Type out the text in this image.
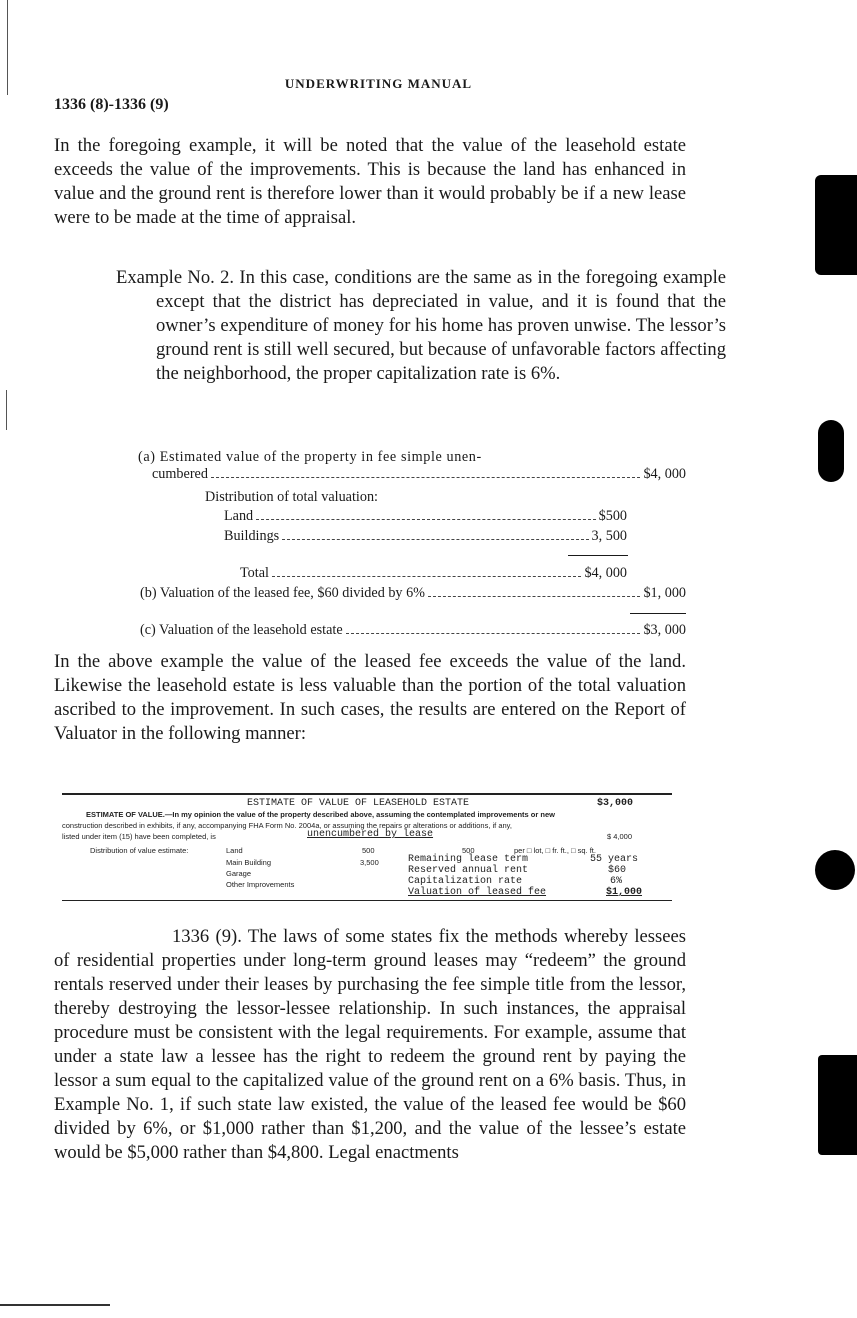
UNDERWRITING MANUAL
1336 (8)-1336 (9)
In the foregoing example, it will be noted that the value of the leasehold estate exceeds the value of the improvements. This is because the land has enhanced in value and the ground rent is therefore lower than it would probably be if a new lease were to be made at the time of appraisal.
Example No. 2. In this case, conditions are the same as in the foregoing example except that the district has depreciated in value, and it is found that the owner’s expenditure of money for his home has proven unwise. The lessor’s ground rent is still well secured, but because of unfavorable factors affecting the neighborhood, the proper capitalization rate is 6%.
(a) Estimated value of the property in fee simple unen-
cumbered	$4, 000
Distribution of total valuation:
Land	$500
Buildings	3, 500
Total	$4, 000
(b) Valuation of the leased fee, $60 divided by 6%	$1, 000
(c) Valuation of the leasehold estate	$3, 000
In the above example the value of the leased fee exceeds the value of the land. Likewise the leasehold estate is less valuable than the portion of the total valuation ascribed to the improvement. In such cases, the results are entered on the Report of Valuator in the following manner:
ESTIMATE OF VALUE OF LEASEHOLD ESTATE	$3,000
ESTIMATE OF VALUE.—In my opinion the value of the property described above, assuming the contemplated improvements or new
construction described in exhibits, if any, accompanying FHA Form No. 2004a, or assuming the repairs or alterations or additions, if any,
listed under item (15) have been completed, is	unencumbered by lease	$ 4,000
Distribution of value estimate:	Land	500	500	per □ lot, □ fr. ft., □ sq. ft.
Main Building	3,500
Garage
Other Improvements
Remaining lease term	55 years
Reserved annual rent	$60
Capitalization rate	6%
Valuation of leased fee	$1,000
1336 (9). The laws of some states fix the methods whereby lessees of residential properties under long-term ground leases may “redeem” the ground rentals reserved under their leases by purchasing the fee simple title from the lessor, thereby destroying the lessor-lessee relationship. In such instances, the appraisal procedure must be consistent with the legal requirements. For example, assume that under a state law a lessee has the right to redeem the ground rent by paying the lessor a sum equal to the capitalized value of the ground rent on a 6% basis. Thus, in Example No. 1, if such state law existed, the value of the leased fee would be $60 divided by 6%, or $1,000 rather than $1,200, and the value of the lessee’s estate would be $5,000 rather than $4,800. Legal enactments
